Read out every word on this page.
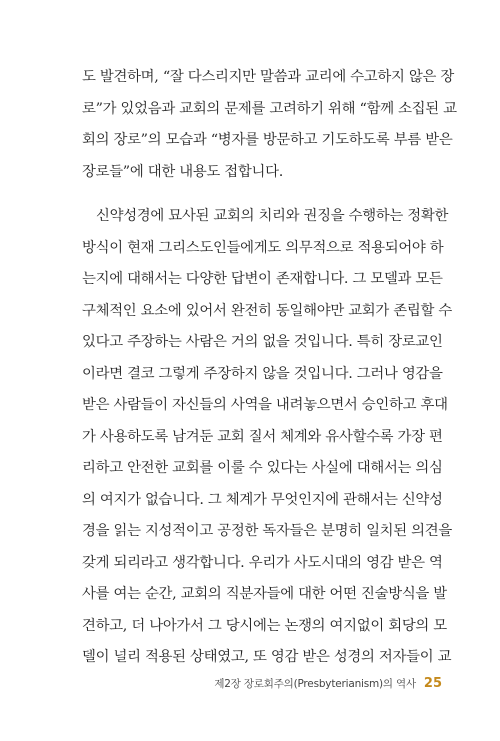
도 발견하며, “잘 다스리지만 말씀과 교리에 수고하지 않은 장
로”가 있었음과 교회의 문제를 고려하기 위해 “함께 소집된 교
회의 장로”의 모습과 “병자를 방문하고 기도하도록 부름 받은
장로들”에 대한 내용도 접합니다.
신약성경에 묘사된 교회의 치리와 권징을 수행하는 정확한
방식이 현재 그리스도인들에게도 의무적으로 적용되어야 하
는지에 대해서는 다양한 답변이 존재합니다. 그 모델과 모든
구체적인 요소에 있어서 완전히 동일해야만 교회가 존립할 수
있다고 주장하는 사람은 거의 없을 것입니다. 특히 장로교인
이라면 결코 그렇게 주장하지 않을 것입니다. 그러나 영감을
받은 사람들이 자신들의 사역을 내려놓으면서 승인하고 후대
가 사용하도록 남겨둔 교회 질서 체계와 유사할수록 가장 편
리하고 안전한 교회를 이룰 수 있다는 사실에 대해서는 의심
의 여지가 없습니다. 그 체계가 무엇인지에 관해서는 신약성
경을 읽는 지성적이고 공정한 독자들은 분명히 일치된 의견을
갖게 되리라고 생각합니다. 우리가 사도시대의 영감 받은 역
사를 여는 순간, 교회의 직분자들에 대한 어떤 진술방식을 발
견하고, 더 나아가서 그 당시에는 논쟁의 여지없이 회당의 모
델이 널리 적용된 상태였고, 또 영감 받은 성경의 저자들이 교
제2장 장로회주의(Presbyterianism)의 역사 25
